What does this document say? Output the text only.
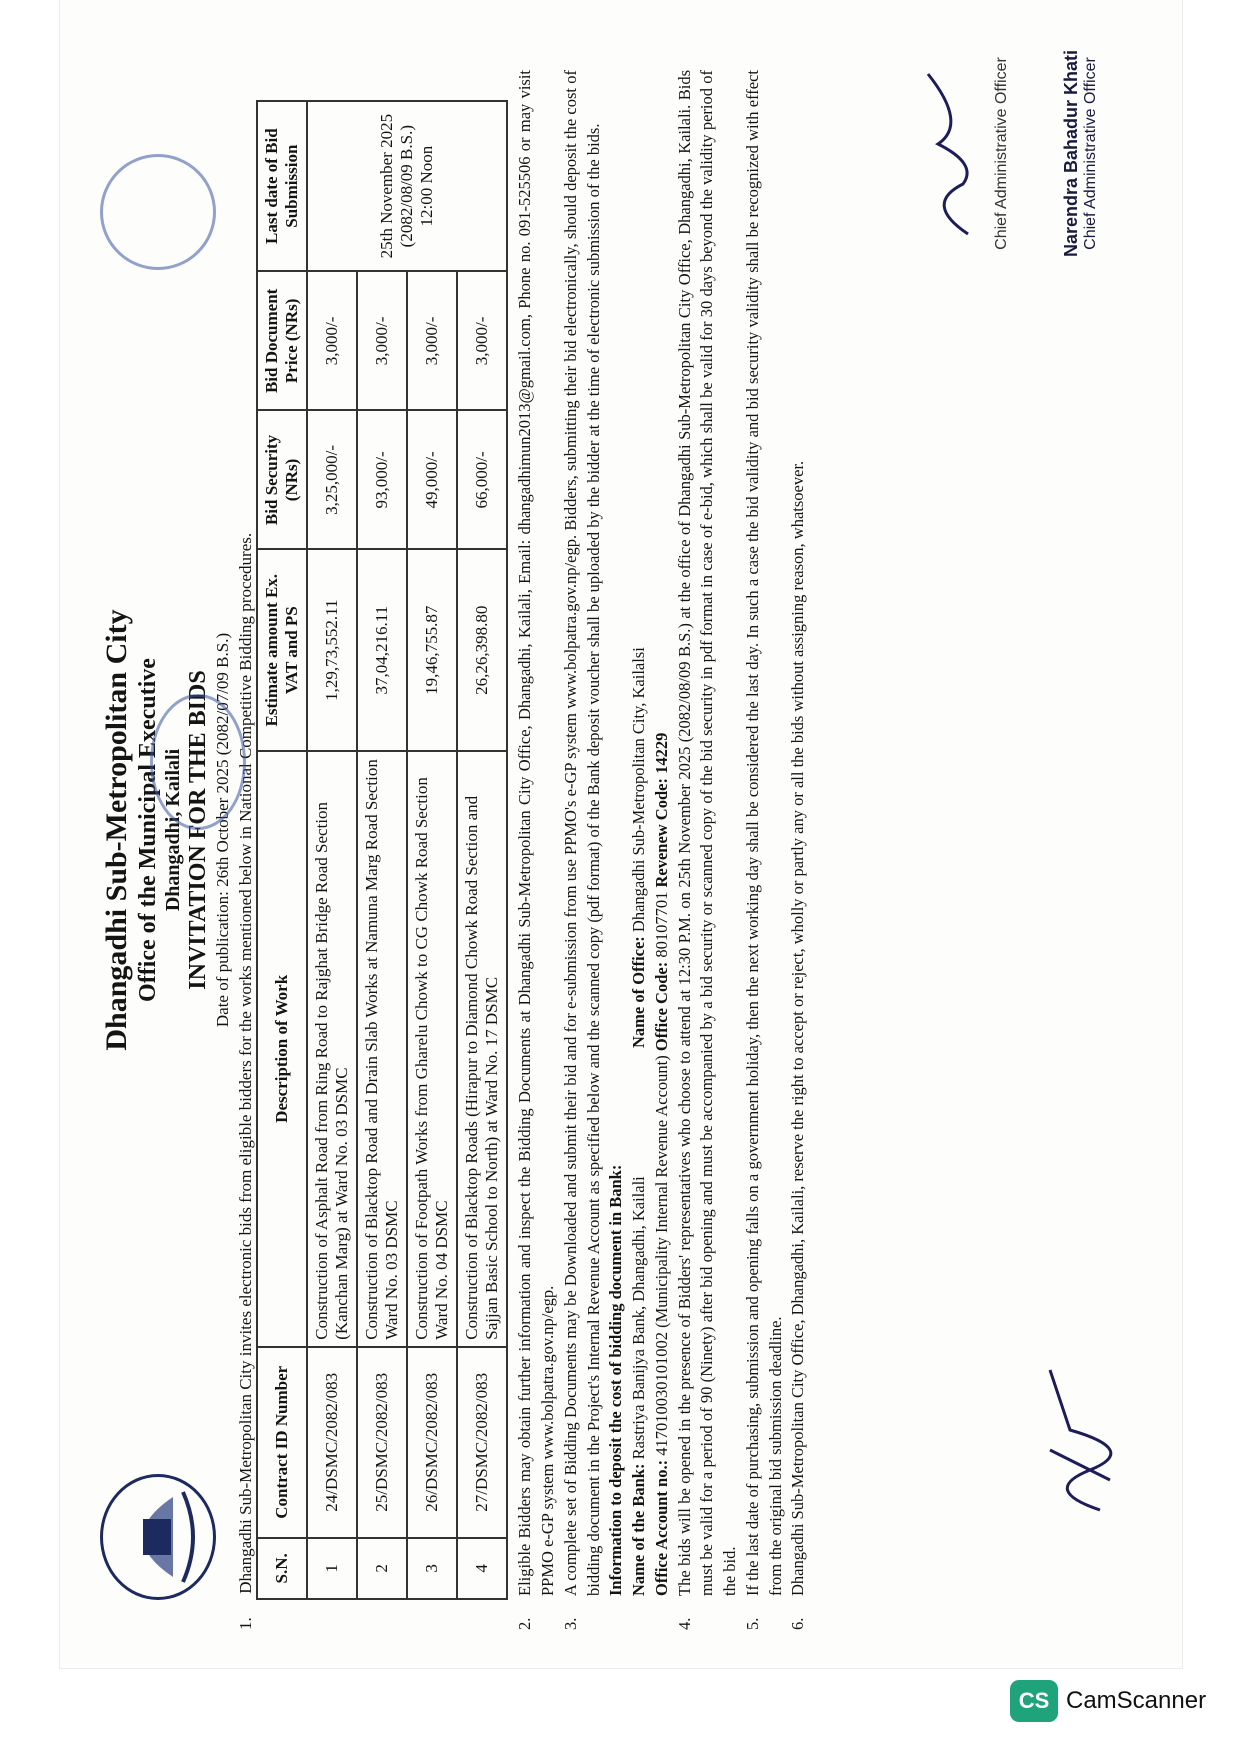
Dhangadhi Sub-Metropolitan City Office of the Municipal Executive Dhangadhi, Kailali INVITATION FOR THE BIDS Date of publication: 26th October 2025 (2082/07/09 B.S.)
1. Dhangadhi Sub-Metropolitan City invites electronic bids from eligible bidders for the works mentioned below in National Competitive Bidding procedures. S.N.	Contract ID Number	Description of Work	Estimate amount Ex. VAT and PS	Bid Security (NRs)	Bid Document Price (NRs)	Last date of Bid Submission
1	24/DSMC/2082/083	Construction of Asphalt Road from Ring Road to Rajghat Bridge Road Section (Kanchan Marg) at Ward No. 03 DSMC	1,29,73,552.11	3,25,000/-	3,000/-	25th November 2025 (2082/08/09 B.S.) 12:00 Noon
2	25/DSMC/2082/083	Construction of Blacktop Road and Drain Slab Works at Namuna Marg Road Section Ward No. 03 DSMC	37,04,216.11	93,000/-	3,000/-	
3	26/DSMC/2082/083	Construction of Footpath Works from Gharelu Chowk to CG Chowk Road Section Ward No. 04 DSMC	19,46,755.87	49,000/-	3,000/-	
4	27/DSMC/2082/083	Construction of Blacktop Roads (Hirapur to Diamond Chowk Road Section and Sajjan Basic School to North) at Ward No. 17 DSMC	26,26,398.80	66,000/-	3,000/-	
2.
Eligible Bidders may obtain further information and inspect the Bidding Documents at Dhangadhi Sub-Metropolitan City Office, Dhangadhi, Kailali, Email: dhangadhimun2013@gmail.com, Phone no. 091-525506 or may visit PPMO e-GP system www.bolpatra.gov.np/egp.
3.
A complete set of Bidding Documents may be Downloaded and submit their bid and for e-submission from use PPMO's e-GP system www.bolpatra.gov.np/egp. Bidders, submitting their bid electronically, should deposit the cost of bidding document in the Project's Internal Revenue Account as specified below and the scanned copy (pdf format) of the Bank deposit voucher shall be uploaded by the bidder at the time of electronic submission of the bids. Information to deposit the cost of bidding document in Bank: Name of the Bank: Rastriya Banijya Bank, Dhangadhi, Kailali  Name of Office: Dhangadhi Sub-Metropolitan City, Kailalsi
Office Account no.: 417010030101002 (Municipality Internal Revenue Account) Office Code: 80107701 Revenew Code: 14229
4.
The bids will be opened in the presence of Bidders' representatives who choose to attend at 12:30 P.M. on 25th November 2025 (2082/08/09 B.S.) at the office of Dhangadhi Sub-Metropolitan City Office, Dhangadhi, Kailali. Bids must be valid for a period of 90 (Ninety) after bid opening and must be accompanied by a bid security or scanned copy of the bid security in pdf format in case of e-bid, which shall be valid for 30 days beyond the validity period of the bid.
5.
If the last date of purchasing, submission and opening falls on a government holiday, then the next working day shall be considered the last day. In such a case the bid validity and bid security validity shall be recognized with effect from the original bid submission deadline.
6.
Dhangadhi Sub-Metropolitan City Office, Dhangadhi, Kailali, reserve the right to accept or reject, wholly or partly any or all the bids without assigning reason, whatsoever.
Chief Administrative Officer	Narendra Bahadur Khati Chief Administrative Officer
CS CamScanner
